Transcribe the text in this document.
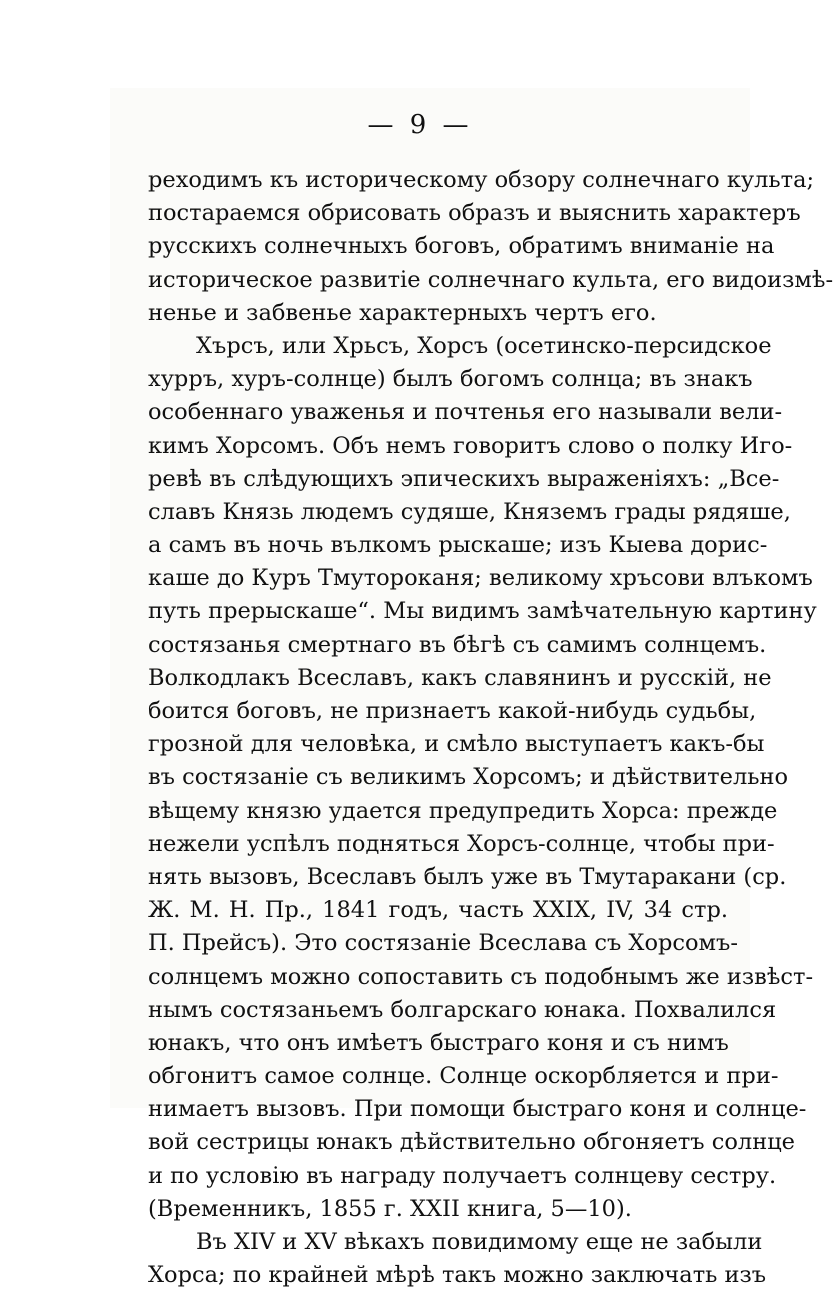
— 9 —
реходимъ къ историческому обзору солнечнаго культа;
постараемся обрисовать образъ и выяснить характеръ
русскихъ солнечныхъ боговъ, обратимъ вниманіе на
историческое развитіе солнечнаго культа, его видоизмѣ-
ненье и забвенье характерныхъ чертъ его.
Хърсъ, или Хрьсъ, Хорсъ (осетинско-персидское
хурръ, хуръ-солнце) былъ богомъ солнца; въ знакъ
особеннаго уваженья и почтенья его называли вели-
кимъ Хорсомъ. Объ немъ говоритъ слово о полку Иго-
ревѣ въ слѣдующихъ эпическихъ выраженіяхъ: „Все-
славъ Князь людемъ судяше, Княземъ грады рядяше,
а самъ въ ночь вълкомъ рыскаше; изъ Кыева дорис-
каше до Куръ Тмутороканя; великому хръсови влъкомъ
путь прерыскаше“. Мы видимъ замѣчательную картину
состязанья смертнаго въ бѣгѣ съ самимъ солнцемъ.
Волкодлакъ Всеславъ, какъ славянинъ и русскій, не
боится боговъ, не признаетъ какой-нибудь судьбы,
грозной для человѣка, и смѣло выступаетъ какъ-бы
въ состязаніе съ великимъ Хорсомъ; и дѣйствительно
вѣщему князю удается предупредить Хорса: прежде
нежели успѣлъ подняться Хорсъ-солнце, чтобы при-
нять вызовъ, Всеславъ былъ уже въ Тмутаракани (ср.
Ж. М. Н. Пр., 1841 годъ, часть XXIX, IV, 34 стр.
П. Прейсъ). Это состязаніе Всеслава съ Хорсомъ-
солнцемъ можно сопоставить съ подобнымъ же извѣст-
нымъ состязаньемъ болгарскаго юнака. Похвалился
юнакъ, что онъ имѣетъ быстраго коня и съ нимъ
обгонитъ самое солнце. Солнце оскорбляется и при-
нимаетъ вызовъ. При помощи быстраго коня и солнце-
вой сестрицы юнакъ дѣйствительно обгоняетъ солнце
и по условію въ награду получаетъ солнцеву сестру.
(Временникъ, 1855 г. XXII книга, 5—10).
Въ XIV и XV вѣкахъ повидимому еще не забыли
Хорса; по крайней мѣрѣ такъ можно заключать изъ
